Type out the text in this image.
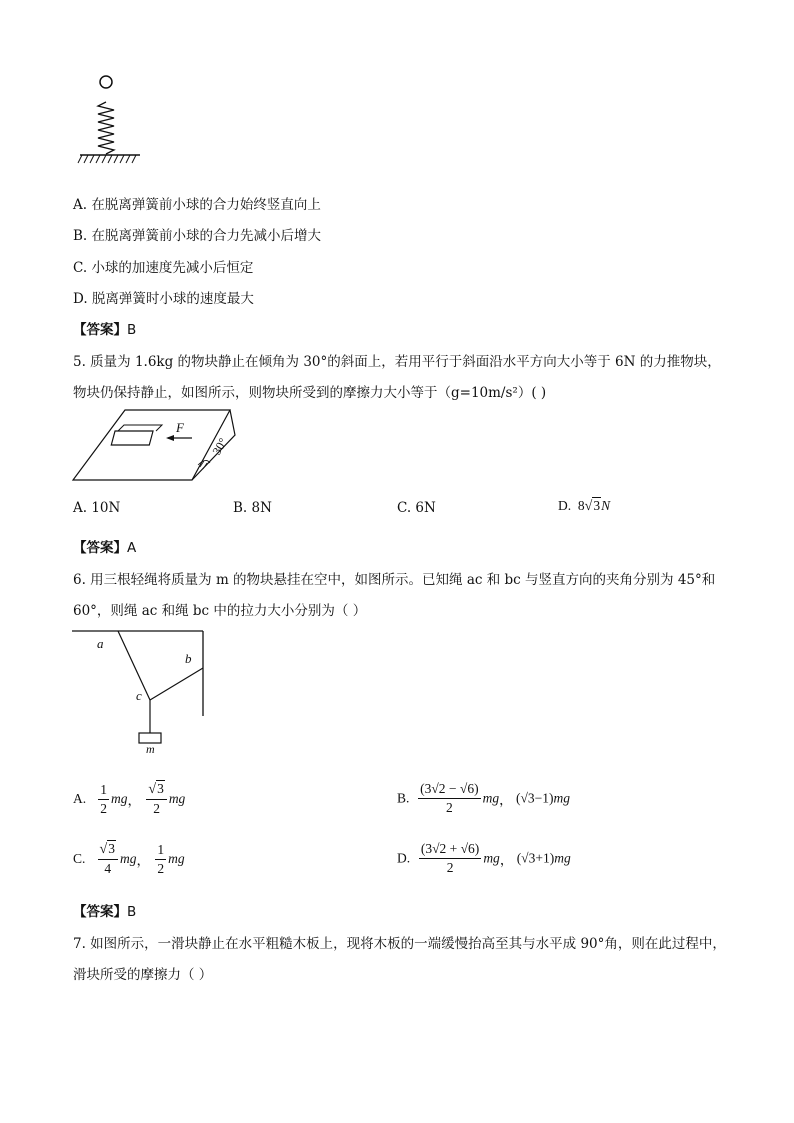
A. 在脱离弹簧前小球的合力始终竖直向上
B. 在脱离弹簧前小球的合力先减小后增大
C. 小球的加速度先减小后恒定
D. 脱离弹簧时小球的速度最大
【答案】B
5. 质量为 1.6kg 的物块静止在倾角为 30°的斜面上，若用平行于斜面沿水平方向大小等于 6N 的力推物块，
物块仍保持静止，如图所示，则物块所受到的摩擦力大小等于（g=10m/s²）( )
F
30°
A. 10N	B. 8N	C. 6N	D. 8√3N
【答案】A
6. 用三根轻绳将质量为 m 的物块悬挂在空中，如图所示。已知绳 ac 和 bc 与竖直方向的夹角分别为 45°和
60°，则绳 ac 和绳 bc 中的拉力大小分别为（ ）
a
b
c
m
A. $\frac{1}{2}$ mg， $\frac{√3}{2}$ mg	B. $\frac{(3√2 - √6)}{2}$ mg， (√3−1)mg
C. $\frac{√3}{4}$ mg， $\frac{1}{2}$ mg	D. $\frac{(3√2 + √6)}{2}$ mg， (√3+1)mg
【答案】B
7. 如图所示，一滑块静止在水平粗糙木板上，现将木板的一端缓慢抬高至其与水平成 90°角，则在此过程中，
滑块所受的摩擦力（ ）
